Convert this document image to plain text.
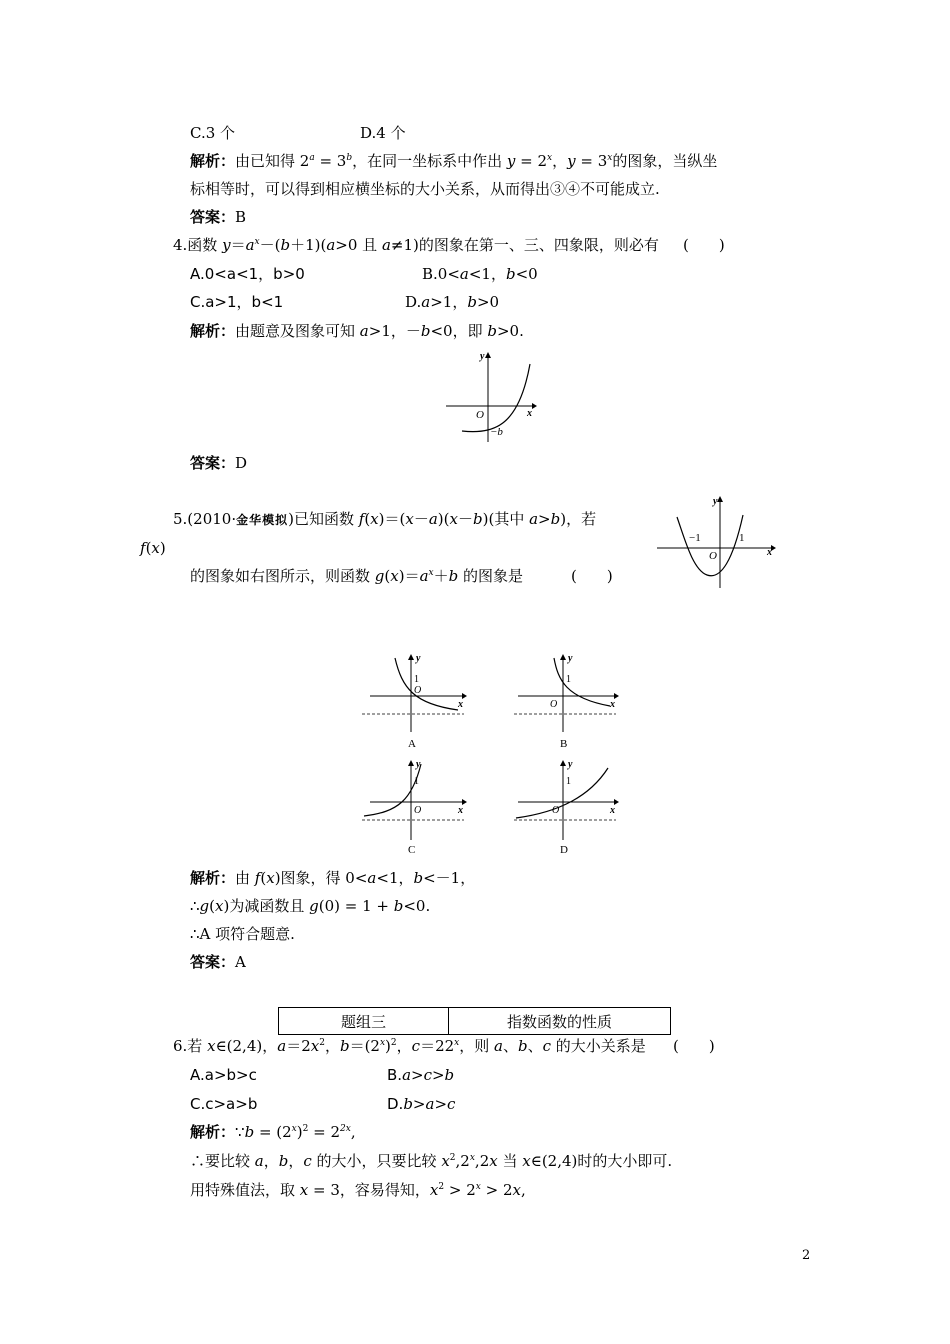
C.3 个	D.4 个
解析：由已知得 $2^a = 3^b$，在同一坐标系中作出 $y = 2^x$，$y = 3^x$的图象，当纵坐
标相等时，可以得到相应横坐标的大小关系，从而得出③④不可能成立.
答案：B
4.函数 $y=a^x-(b+1)(a>0$ 且 a≠1)的图象在第一、三、四象限，则必有 (　　)
A.0<a<1，b>0	B.0<a<1，b<0
C.a>1，b<1	D.a>1，b>0
解析：由题意及图象可知 a>1，－b<0，即 b>0.
y
x
O
−b
答案：D
5.(2010·金华模拟)已知函数 f(x)＝(x－a)(x－b)(其中 a>b)，若
f(x)
的图象如右图所示，则函数 $g(x)=a^x+b$ 的图象是	(　　)
y
x
O
−1	1
1
O
y
x
A
1
O
y
x
B
1
O
y
x
C
1
O
y
x
D
解析：由 f(x)图象，得 0<a<1，b<－1，
∴g(x)为减函数且 g(0) = 1 + b<0.
∴A 项符合题意.
答案：A
题组三	指数函数的性质
6.若 x∈(2,4)，$a=2x^2$，$b=(2^x)^2$，$c=22^x$，则 a、b、c 的大小关系是 (　　)
A.a>b>c	B.a>c>b
C.c>a>b	D.b>a>c
解析：∵b = $(2^x)^2 = 2^{2x}$,
∴要比较 a，b，c 的大小，只要比较 $x^2,2^x,2x$ 当 x∈(2,4)时的大小即可.
用特殊值法，取 x = 3，容易得知，$x^2 > 2^x > 2x$,
2
